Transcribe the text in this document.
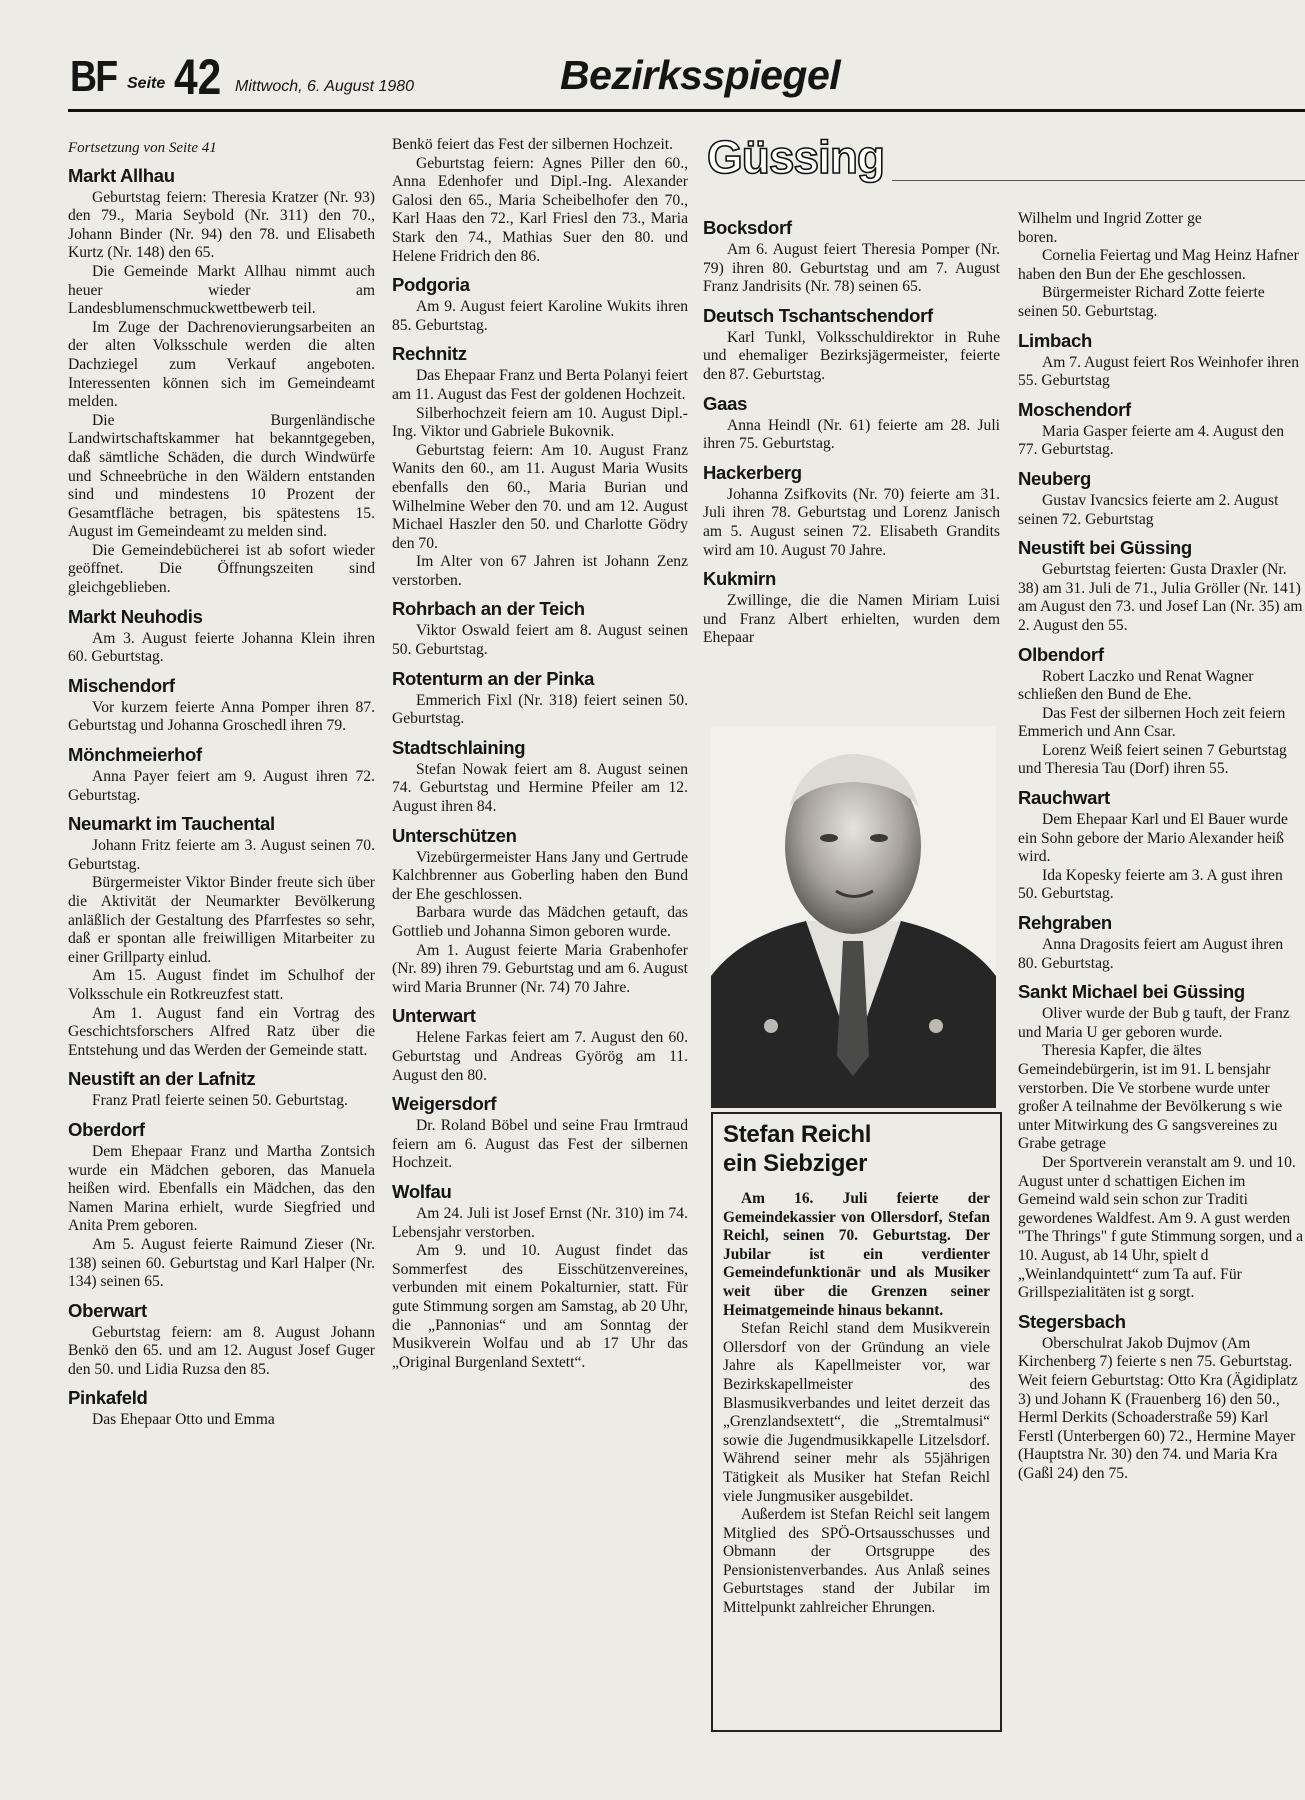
BF Seite 42 Mittwoch, 6. August 1980	Bezirksspiegel

Fortsetzung von Seite 41

Markt Allhau

Geburtstag feiern: Theresia Kratzer (Nr. 93) den 79., Maria Seybold (Nr. 311) den 70., Johann Binder (Nr. 94) den 78. und Elisabeth Kurtz (Nr. 148) den 65.

Die Gemeinde Markt Allhau nimmt auch heuer wieder am Landesblumenschmuckwettbewerb teil.

Im Zuge der Dachrenovierungsarbeiten an der alten Volksschule werden die alten Dachziegel zum Verkauf angeboten. Interessenten können sich im Gemeindeamt melden.

Die Burgenländische Landwirtschaftskammer hat bekanntgegeben, daß sämtliche Schäden, die durch Windwürfe und Schneebrüche in den Wäldern entstanden sind und mindestens 10 Prozent der Gesamtfläche betragen, bis spätestens 15. August im Gemeindeamt zu melden sind.

Die Gemeindebücherei ist ab sofort wieder geöffnet. Die Öffnungszeiten sind gleichgeblieben.

Markt Neuhodis

Am 3. August feierte Johanna Klein ihren 60. Geburtstag.

Mischendorf

Vor kurzem feierte Anna Pomper ihren 87. Geburtstag und Johanna Groschedl ihren 79.

Mönchmeierhof

Anna Payer feiert am 9. August ihren 72. Geburtstag.

Neumarkt im Tauchental

Johann Fritz feierte am 3. August seinen 70. Geburtstag.

Bürgermeister Viktor Binder freute sich über die Aktivität der Neumarkter Bevölkerung anläßlich der Gestaltung des Pfarrfestes so sehr, daß er spontan alle freiwilligen Mitarbeiter zu einer Grillparty einlud.

Am 15. August findet im Schulhof der Volksschule ein Rotkreuzfest statt.

Am 1. August fand ein Vortrag des Geschichtsforschers Alfred Ratz über die Entstehung und das Werden der Gemeinde statt.

Neustift an der Lafnitz

Franz Pratl feierte seinen 50. Geburtstag.

Oberdorf

Dem Ehepaar Franz und Martha Zontsich wurde ein Mädchen geboren, das Manuela heißen wird. Ebenfalls ein Mädchen, das den Namen Marina erhielt, wurde Siegfried und Anita Prem geboren.

Am 5. August feierte Raimund Zieser (Nr. 138) seinen 60. Geburtstag und Karl Halper (Nr. 134) seinen 65.

Oberwart

Geburtstag feiern: am 8. August Johann Benkö den 65. und am 12. August Josef Guger den 50. und Lidia Ruzsa den 85.

Pinkafeld

Das Ehepaar Otto und Emma

Benkö feiert das Fest der silbernen Hochzeit.

Geburtstag feiern: Agnes Piller den 60., Anna Edenhofer und Dipl.-Ing. Alexander Galosi den 65., Maria Scheibelhofer den 70., Karl Haas den 72., Karl Friesl den 73., Maria Stark den 74., Mathias Suer den 80. und Helene Fridrich den 86.

Podgoria

Am 9. August feiert Karoline Wukits ihren 85. Geburtstag.

Rechnitz

Das Ehepaar Franz und Berta Polanyi feiert am 11. August das Fest der goldenen Hochzeit.

Silberhochzeit feiern am 10. August Dipl.-Ing. Viktor und Gabriele Bukovnik.

Geburtstag feiern: Am 10. August Franz Wanits den 60., am 11. August Maria Wusits ebenfalls den 60., Maria Burian und Wilhelmine Weber den 70. und am 12. August Michael Haszler den 50. und Charlotte Gödry den 70.

Im Alter von 67 Jahren ist Johann Zenz verstorben.

Rohrbach an der Teich

Viktor Oswald feiert am 8. August seinen 50. Geburtstag.

Rotenturm an der Pinka

Emmerich Fixl (Nr. 318) feiert seinen 50. Geburtstag.

Stadtschlaining

Stefan Nowak feiert am 8. August seinen 74. Geburtstag und Hermine Pfeiler am 12. August ihren 84.

Unterschützen

Vizebürgermeister Hans Jany und Gertrude Kalchbrenner aus Goberling haben den Bund der Ehe geschlossen.

Barbara wurde das Mädchen getauft, das Gottlieb und Johanna Simon geboren wurde.

Am 1. August feierte Maria Grabenhofer (Nr. 89) ihren 79. Geburtstag und am 6. August wird Maria Brunner (Nr. 74) 70 Jahre.

Unterwart

Helene Farkas feiert am 7. August den 60. Geburtstag und Andreas Györög am 11. August den 80.

Weigersdorf

Dr. Roland Böbel und seine Frau Irmtraud feiern am 6. August das Fest der silbernen Hochzeit.

Wolfau

Am 24. Juli ist Josef Ernst (Nr. 310) im 74. Lebensjahr verstorben.

Am 9. und 10. August findet das Sommerfest des Eisschützenvereines, verbunden mit einem Pokalturnier, statt. Für gute Stimmung sorgen am Samstag, ab 20 Uhr, die „Pannonias“ und am Sonntag der Musikverein Wolfau und ab 17 Uhr das „Original Burgenland Sextett“.

Güssing
Bocksdorf

Am 6. August feiert Theresia Pomper (Nr. 79) ihren 80. Geburtstag und am 7. August Franz Jandrisits (Nr. 78) seinen 65.

Deutsch Tschantschendorf

Karl Tunkl, Volksschuldirektor in Ruhe und ehemaliger Bezirksjägermeister, feierte den 87. Geburtstag.

Gaas

Anna Heindl (Nr. 61) feierte am 28. Juli ihren 75. Geburtstag.

Hackerberg

Johanna Zsifkovits (Nr. 70) feierte am 31. Juli ihren 78. Geburtstag und Lorenz Janisch am 5. August seinen 72. Elisabeth Grandits wird am 10. August 70 Jahre.

Kukmirn

Zwillinge, die die Namen Miriam Luisi und Franz Albert erhielten, wurden dem Ehepaar

Stefan Reichl
ein Siebziger

Am 16. Juli feierte der Gemeindekassier von Ollersdorf, Stefan Reichl, seinen 70. Geburtstag. Der Jubilar ist ein verdienter Gemeindefunktionär und als Musiker weit über die Grenzen seiner Heimatgemeinde hinaus bekannt.

Stefan Reichl stand dem Musikverein Ollersdorf von der Gründung an viele Jahre als Kapellmeister vor, war Bezirkskapellmeister des Blasmusikverbandes und leitet derzeit das „Grenzlandsextett“, die „Stremtalmusi“ sowie die Jugendmusikkapelle Litzelsdorf. Während seiner mehr als 55jährigen Tätigkeit als Musiker hat Stefan Reichl viele Jungmusiker ausgebildet.

Außerdem ist Stefan Reichl seit langem Mitglied des SPÖ-Ortsausschusses und Obmann der Ortsgruppe des Pensionistenverbandes. Aus Anlaß seines Geburtstages stand der Jubilar im Mittelpunkt zahlreicher Ehrungen.

Wilhelm und Ingrid Zotter ge

boren.

Cornelia Feiertag und Mag Heinz Hafner haben den Bun der Ehe geschlossen.

Bürgermeister Richard Zotte feierte seinen 50. Geburtstag.

Limbach

Am 7. August feiert Ros Weinhofer ihren 55. Geburtstag

Moschendorf

Maria Gasper feierte am 4. August den 77. Geburtstag.

Neuberg

Gustav Ivancsics feierte am 2. August seinen 72. Geburtstag

Neustift bei Güssing

Geburtstag feierten: Gusta Draxler (Nr. 38) am 31. Juli de 71., Julia Gröller (Nr. 141) am August den 73. und Josef Lan (Nr. 35) am 2. August den 55.

Olbendorf

Robert Laczko und Renat Wagner schließen den Bund de Ehe.

Das Fest der silbernen Hoch zeit feiern Emmerich und Ann Csar.

Lorenz Weiß feiert seinen 7 Geburtstag und Theresia Tau (Dorf) ihren 55.

Rauchwart

Dem Ehepaar Karl und El Bauer wurde ein Sohn gebore der Mario Alexander heiß wird.

Ida Kopesky feierte am 3. A gust ihren 50. Geburtstag.

Rehgraben

Anna Dragosits feiert am August ihren 80. Geburtstag.

Sankt Michael bei Güssing

Oliver wurde der Bub g tauft, der Franz und Maria U ger geboren wurde.

Theresia Kapfer, die ältes Gemeindebürgerin, ist im 91. L bensjahr verstorben. Die Ve storbene wurde unter großer A teilnahme der Bevölkerung s wie unter Mitwirkung des G sangsvereines zu Grabe getrage

Der Sportverein veranstalt am 9. und 10. August unter d schattigen Eichen im Gemeind wald sein schon zur Traditi gewordenes Waldfest. Am 9. A gust werden "The Thrings" f gute Stimmung sorgen, und a 10. August, ab 14 Uhr, spielt d „Weinlandquintett“ zum Ta auf. Für Grillspezialitäten ist g sorgt.

Stegersbach

Oberschulrat Jakob Dujmov (Am Kirchenberg 7) feierte s nen 75. Geburtstag. Weit feiern Geburtstag: Otto Kra (Ägidiplatz 3) und Johann K (Frauenberg 16) den 50., Herml Derkits (Schoaderstraße 59) Karl Ferstl (Unterbergen 60) 72., Hermine Mayer (Hauptstra Nr. 30) den 74. und Maria Kra (Gaßl 24) den 75.
